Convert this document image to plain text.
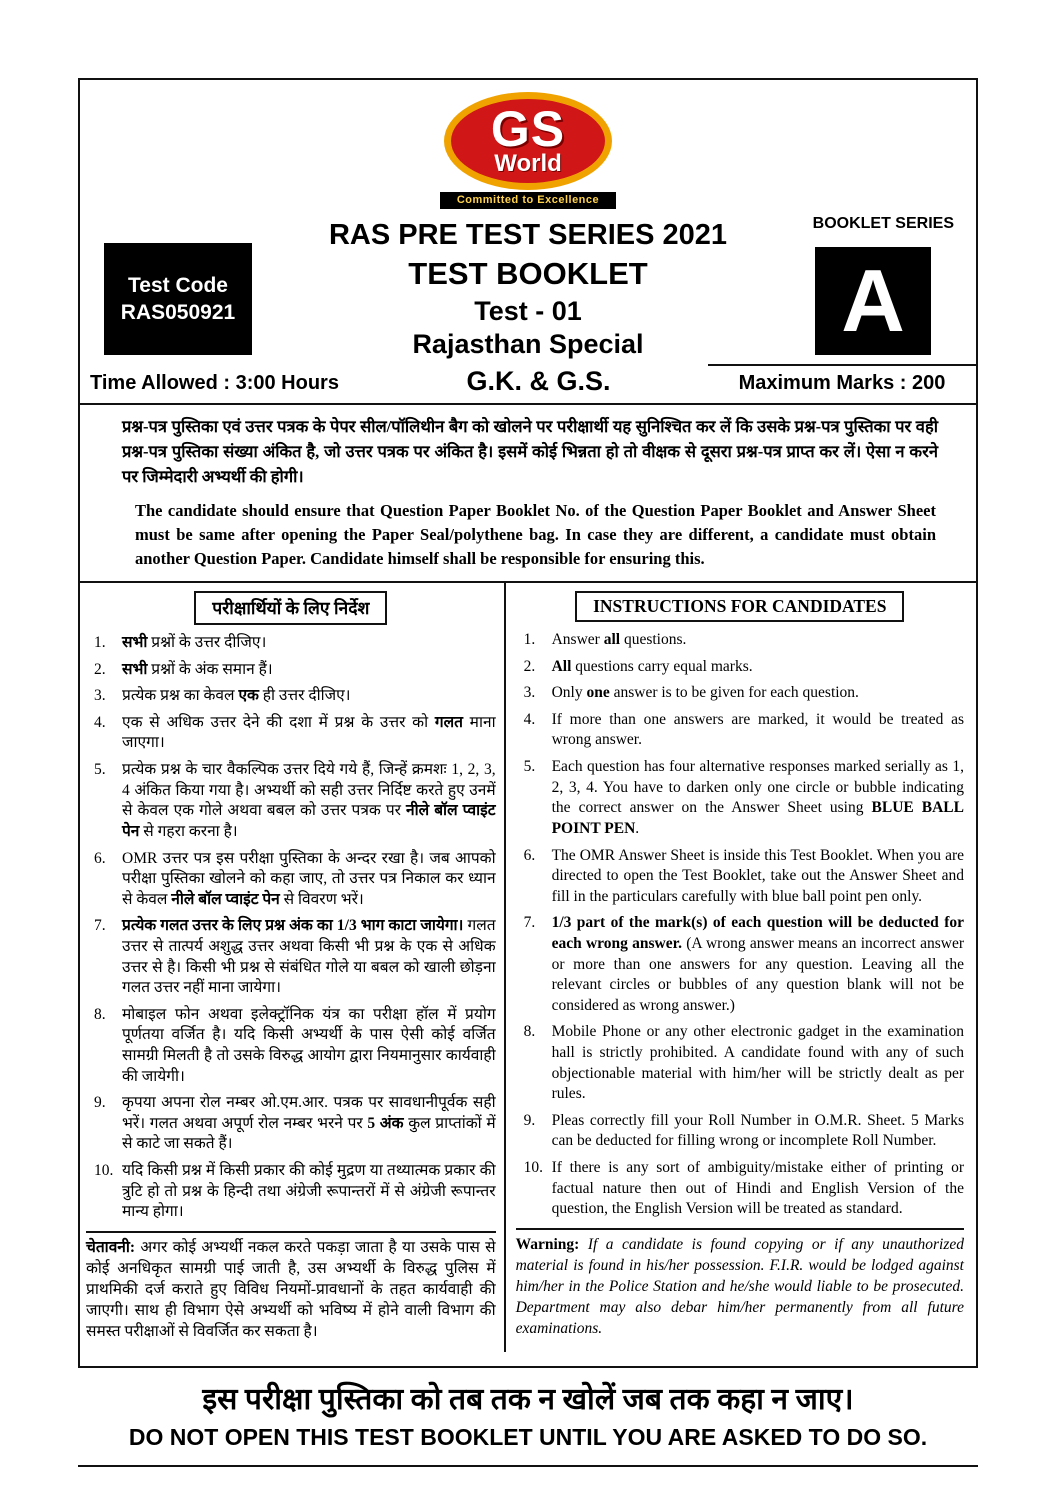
GS
World
Committed to Excellence
BOOKLET SERIES
A
Test Code
RAS050921
RAS PRE TEST SERIES 2021
TEST BOOKLET
Test - 01
Rajasthan Special
Time Allowed : 3:00 Hours	G.K. & G.S.	Maximum Marks : 200
प्रश्न-पत्र पुस्तिका एवं उत्तर पत्रक के पेपर सील/पॉलिथीन बैग को खोलने पर परीक्षार्थी यह सुनिश्चित कर लें कि उसके प्रश्न-पत्र पुस्तिका पर वही प्रश्न-पत्र पुस्तिका संख्या अंकित है, जो उत्तर पत्रक पर अंकित है। इसमें कोई भिन्नता हो तो वीक्षक से दूसरा प्रश्न-पत्र प्राप्त कर लें। ऐसा न करने पर जिम्मेदारी अभ्यर्थी की होगी।
The candidate should ensure that Question Paper Booklet No. of the Question Paper Booklet and Answer Sheet must be same after opening the Paper Seal/polythene bag. In case they are different, a candidate must obtain another Question Paper. Candidate himself shall be responsible for ensuring this.
परीक्षार्थियों के लिए निर्देश
सभी प्रश्नों के उत्तर दीजिए।
सभी प्रश्नों के अंक समान हैं।
प्रत्येक प्रश्न का केवल एक ही उत्तर दीजिए।
एक से अधिक उत्तर देने की दशा में प्रश्न के उत्तर को गलत माना जाएगा।
प्रत्येक प्रश्न के चार वैकल्पिक उत्तर दिये गये हैं, जिन्हें क्रमशः 1, 2, 3, 4 अंकित किया गया है। अभ्यर्थी को सही उत्तर निर्दिष्ट करते हुए उनमें से केवल एक गोले अथवा बबल को उत्तर पत्रक पर नीले बॉल प्वाइंट पेन से गहरा करना है।
OMR उत्तर पत्र इस परीक्षा पुस्तिका के अन्दर रखा है। जब आपको परीक्षा पुस्तिका खोलने को कहा जाए, तो उत्तर पत्र निकाल कर ध्यान से केवल नीले बॉल प्वाइंट पेन से विवरण भरें।
प्रत्येक गलत उत्तर के लिए प्रश्न अंक का 1/3 भाग काटा जायेगा। गलत उत्तर से तात्पर्य अशुद्ध उत्तर अथवा किसी भी प्रश्न के एक से अधिक उत्तर से है। किसी भी प्रश्न से संबंधित गोले या बबल को खाली छोड़ना गलत उत्तर नहीं माना जायेगा।
मोबाइल फोन अथवा इलेक्ट्रॉनिक यंत्र का परीक्षा हॉल में प्रयोग पूर्णतया वर्जित है। यदि किसी अभ्यर्थी के पास ऐसी कोई वर्जित सामग्री मिलती है तो उसके विरुद्ध आयोग द्वारा नियमानुसार कार्यवाही की जायेगी।
कृपया अपना रोल नम्बर ओ.एम.आर. पत्रक पर सावधानीपूर्वक सही भरें। गलत अथवा अपूर्ण रोल नम्बर भरने पर 5 अंक कुल प्राप्तांकों में से काटे जा सकते हैं।
यदि किसी प्रश्न में किसी प्रकार की कोई मुद्रण या तथ्यात्मक प्रकार की त्रुटि हो तो प्रश्न के हिन्दी तथा अंग्रेजी रूपान्तरों में से अंग्रेजी रूपान्तर मान्य होगा।
चेतावनी: अगर कोई अभ्यर्थी नकल करते पकड़ा जाता है या उसके पास से कोई अनधिकृत सामग्री पाई जाती है, उस अभ्यर्थी के विरुद्ध पुलिस में प्राथमिकी दर्ज कराते हुए विविध नियमों-प्रावधानों के तहत कार्यवाही की जाएगी। साथ ही विभाग ऐसे अभ्यर्थी को भविष्य में होने वाली विभाग की समस्त परीक्षाओं से विवर्जित कर सकता है।
INSTRUCTIONS FOR CANDIDATES
Answer all questions.
All questions carry equal marks.
Only one answer is to be given for each question.
If more than one answers are marked, it would be treated as wrong answer.
Each question has four alternative responses marked serially as 1, 2, 3, 4. You have to darken only one circle or bubble indicating the correct answer on the Answer Sheet using BLUE BALL POINT PEN.
The OMR Answer Sheet is inside this Test Booklet. When you are directed to open the Test Booklet, take out the Answer Sheet and fill in the particulars carefully with blue ball point pen only.
1/3 part of the mark(s) of each question will be deducted for each wrong answer. (A wrong answer means an incorrect answer or more than one answers for any question. Leaving all the relevant circles or bubbles of any question blank will not be considered as wrong answer.)
Mobile Phone or any other electronic gadget in the examination hall is strictly prohibited. A candidate found with any of such objectionable material with him/her will be strictly dealt as per rules.
Pleas correctly fill your Roll Number in O.M.R. Sheet. 5 Marks can be deducted for filling wrong or incomplete Roll Number.
If there is any sort of ambiguity/mistake either of printing or factual nature then out of Hindi and English Version of the question, the English Version will be treated as standard.
Warning: If a candidate is found copying or if any unauthorized material is found in his/her possession. F.I.R. would be lodged against him/her in the Police Station and he/she would liable to be prosecuted. Department may also debar him/her permanently from all future examinations.
इस परीक्षा पुस्तिका को तब तक न खोलें जब तक कहा न जाए।
DO NOT OPEN THIS TEST BOOKLET UNTIL YOU ARE ASKED TO DO SO.
